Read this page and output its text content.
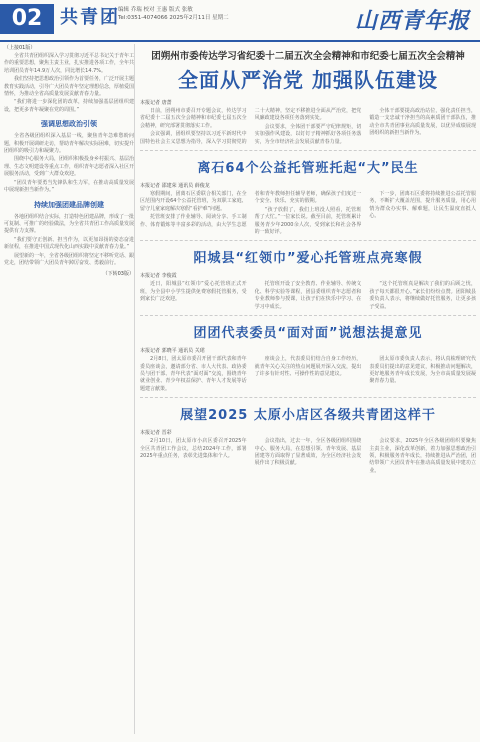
02 共青团
编辑 乔瑞 校对 王惠 版式 张敏
Tel:0351-4074066 2025年2月11日 星期二	山西青年报
（上接01版）

全省共青团组织深入学习贯彻习近平总书记关于青年工作的重要思想，聚焦主责主业，扎实推进各项工作，全年共培训团员青年14.9万人次，同比增长14.7%。

我们坚持把思想政治引领作为首要任务，广泛开展主题教育实践活动，引导广大团员青年坚定理想信念，厚植爱国情怀，为推动全省高质量发展贡献青春力量。

“我们将进一步深化团的改革，持续加强基层团组织建设，把更多青年凝聚在党的周围。”

强调思想政治引领

全省各级团组织深入基层一线，聚焦青年急难愁盼问题，积极开展调研走访，帮助青年解决实际困难，切实提升团组织的吸引力和凝聚力。

围绕中心服务大局，团组织积极投身乡村振兴、基层治理、生态文明建设等重点工作，组织青年志愿者深入社区开展服务活动，受到广大群众欢迎。

“团员青年要勇当先锋队和生力军，在推动高质量发展中展现新担当新作为。”

持续加强团建品牌创建

各地团组织结合实际，打造特色团建品牌，形成了一批可复制、可推广的经验做法，为全省共青团工作高质量发展提供有力支撑。

“我们要守正创新、担当作为，以更加昂扬的姿态奋进新征程，在推进中国式现代化山西实践中贡献青春力量。”

展望新的一年，全省各级团组织将坚定不移听党话、跟党走，团结带领广大团员青年踔厉奋发、勇毅前行。

（下转03版）
团朔州市委传达学习省纪委十二届五次全会精神和市纪委七届五次全会精神
全面从严治党 加强队伍建设
本报记者 唐蔷

日前，团朔州市委召开专题会议，传达学习省纪委十二届五次全会精神和市纪委七届五次全会精神，研究部署贯彻落实工作。

会议强调，团组织要坚持以习近平新时代中国特色社会主义思想为指导，深入学习贯彻党的二十大精神，坚定不移推进全面从严治党，把党风廉政建设各项任务落到实处。

会议要求，全体团干部要严守纪律规矩，切实加强作风建设，以钉钉子精神抓好各项任务落实，为全市经济社会发展贡献青春力量。

全体干部要提高政治站位，强化责任担当，锻造一支忠诚干净担当的高素质团干部队伍，推动全市共青团事业高质量发展，以优异成绩展现团组织的新担当新作为。

离石64个公益托管班托起“大”民生
本报记者 邵建荣 通讯员 薛俊龙

寒假期间，团离石区委联合相关部门，在全区范围内开设64个公益托管班，为双职工家庭、留守儿童家庭解决寒假“看护难”问题。

托管班安排了作业辅导、阅读分享、手工制作、体育锻炼等丰富多彩的活动，由大学生志愿者和青年教师担任辅导老师，确保孩子们度过一个安全、快乐、充实的假期。

“孩子放假了，我们上班没人照看，托管班帮了大忙。”一位家长说。截至目前，托管班累计服务青少年2000余人次，受到家长和社会各界的一致好评。

下一步，团离石区委将持续推进公益托管服务，不断扩大覆盖范围，提升服务质量，用心用情为群众办实事、解难题，让民生温度直抵人心。

阳城县“红领巾”爱心托管班点亮寒假
本报记者 李俊霞

近日，阳城县“红领巾”爱心托管班正式开班，为全县中小学生提供免费寒假托管服务，受到家长广泛欢迎。

托管班开设了安全教育、作业辅导、传统文化、科学实验等课程，团县委组织青年志愿者和专业教师参与授课，让孩子们在快乐中学习、在学习中成长。

“这个托管班真是解决了我们的后顾之忧，孩子每天都很开心。”家长们纷纷点赞。团阳城县委负责人表示，将继续做好托管服务，让更多孩子受益。

团团代表委员“面对面”说想法提意见
本报记者 郭晓平 通讯员 关珺

2月8日，团太原市委召开团干部代表和青年委员座谈会，邀请部分省、市人大代表、政协委员与团干部、青年代表“面对面”交流，围绕青年就业创业、青少年权益保护、青年人才发展等话题建言献策。

座谈会上，代表委员们结合自身工作经历，就青年关心关注的热点问题展开深入交流，提出了许多有针对性、可操作性的意见建议。

团太原市委负责人表示，将认真梳理研究代表委员们提出的意见建议，积极推动问题解决，更好地服务青年成长发展，为全市高质量发展凝聚青春力量。

展望2025 太原小店区各级共青团这样干
本报记者 晋彩

2月10日，团太原市小店区委召开2025年全区共青团工作会议，总结2024年工作，部署2025年重点任务，表彰先进集体和个人。

会议指出，过去一年，全区各级团组织围绕中心、服务大局，在思想引领、青年发展、基层团建等方面取得了显著成效，为全区经济社会发展作出了积极贡献。

会议要求，2025年全区各级团组织要聚焦主责主业，深化改革创新，着力加强思想政治引领，积极服务青年成长，持续推进从严治团，团结带领广大团员青年在推动高质量发展中建功立业。
